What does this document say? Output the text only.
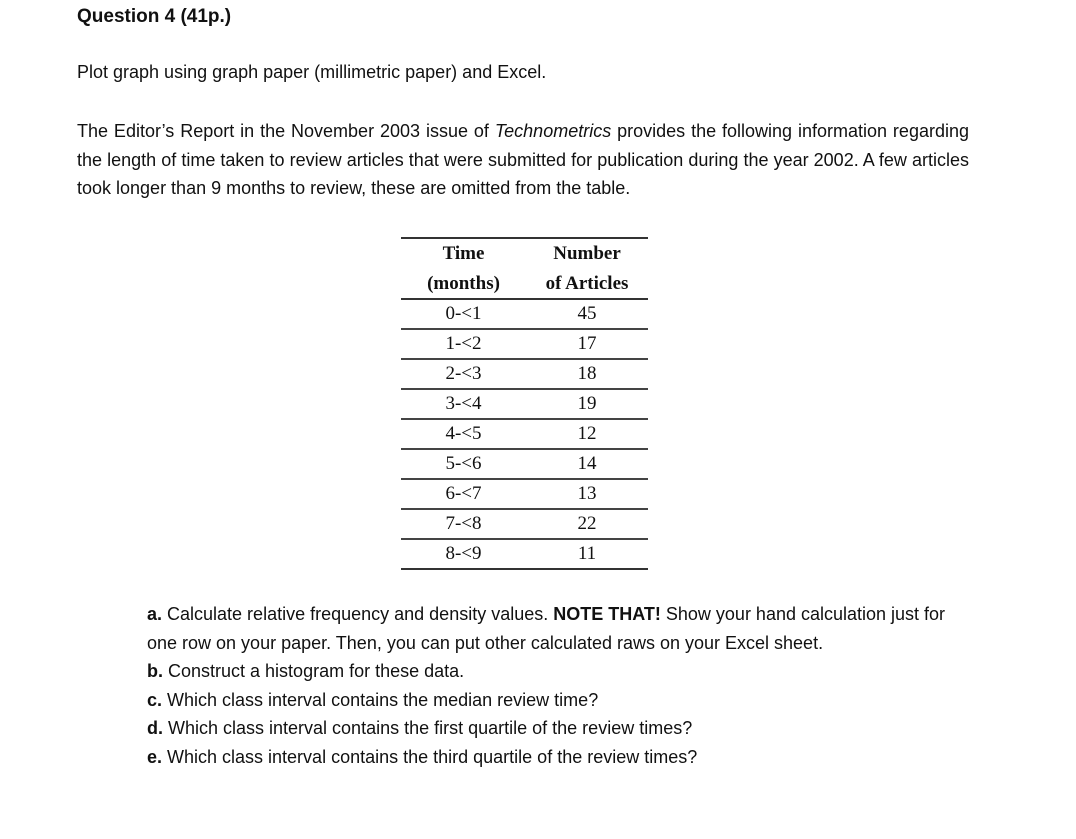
Question 4 (41p.)

Plot graph using graph paper (millimetric paper) and Excel.

The Editor’s Report in the November 2003 issue of Technometrics provides the following information regarding the length of time taken to review articles that were submitted for publication during the year 2002. A few articles took longer than 9 months to review, these are omitted from the table.

Time	Number
(months)	of Articles
0-<1	45
1-<2	17
2-<3	18
3-<4	19
4-<5	12
5-<6	14
6-<7	13
7-<8	22
8-<9	11
a. Calculate relative frequency and density values. NOTE THAT! Show your hand calculation just for one row on your paper. Then, you can put other calculated raws on your Excel sheet.
b. Construct a histogram for these data.
c. Which class interval contains the median review time?
d. Which class interval contains the first quartile of the review times?
e. Which class interval contains the third quartile of the review times?
